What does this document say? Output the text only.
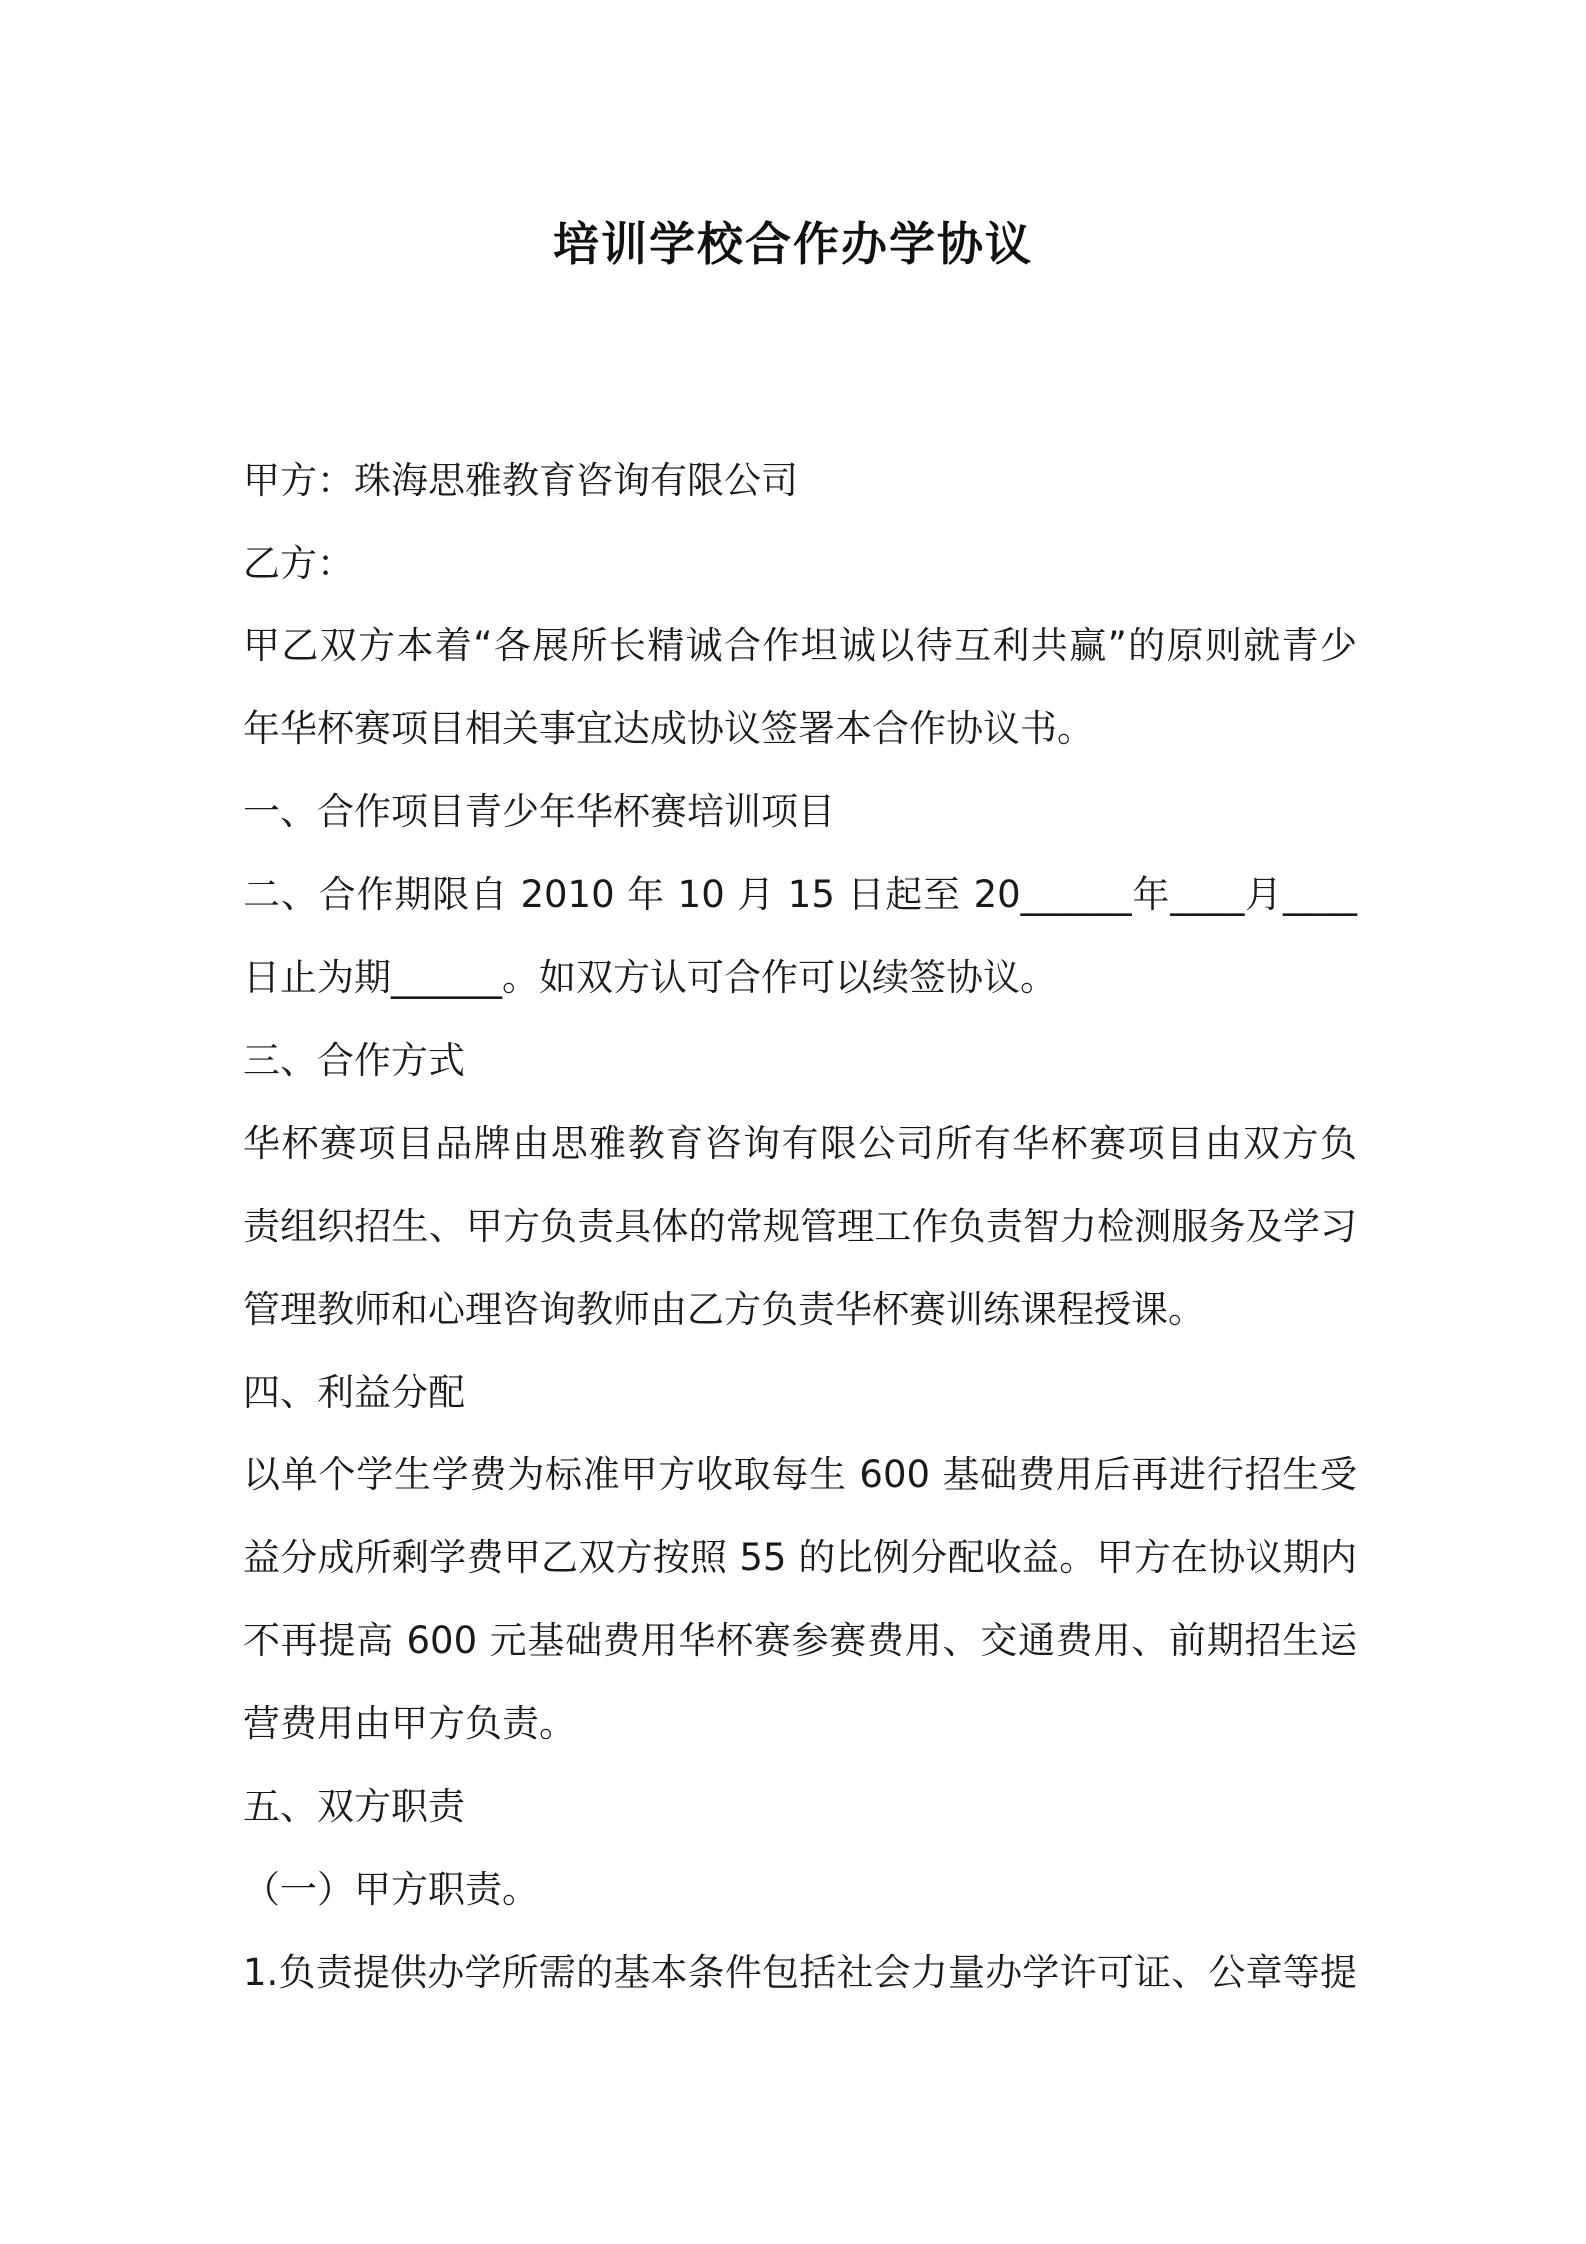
培训学校合作办学协议
甲方：珠海思雅教育咨询有限公司
乙方：
甲乙双方本着“各展所长精诚合作坦诚以待互利共赢”的原则就青少
年华杯赛项目相关事宜达成协议签署本合作协议书。
一、合作项目青少年华杯赛培训项目
二、合作期限自 2010 年 10 月 15 日起至 20______年____月____
日止为期______。如双方认可合作可以续签协议。
三、合作方式
华杯赛项目品牌由思雅教育咨询有限公司所有华杯赛项目由双方负
责组织招生、甲方负责具体的常规管理工作负责智力检测服务及学习
管理教师和心理咨询教师由乙方负责华杯赛训练课程授课。
四、利益分配
以单个学生学费为标准甲方收取每生 600 基础费用后再进行招生受
益分成所剩学费甲乙双方按照 55 的比例分配收益。甲方在协议期内
不再提高 600 元基础费用华杯赛参赛费用、交通费用、前期招生运
营费用由甲方负责。
五、双方职责
（一）甲方职责。
1.负责提供办学所需的基本条件包括社会力量办学许可证、公章等提
